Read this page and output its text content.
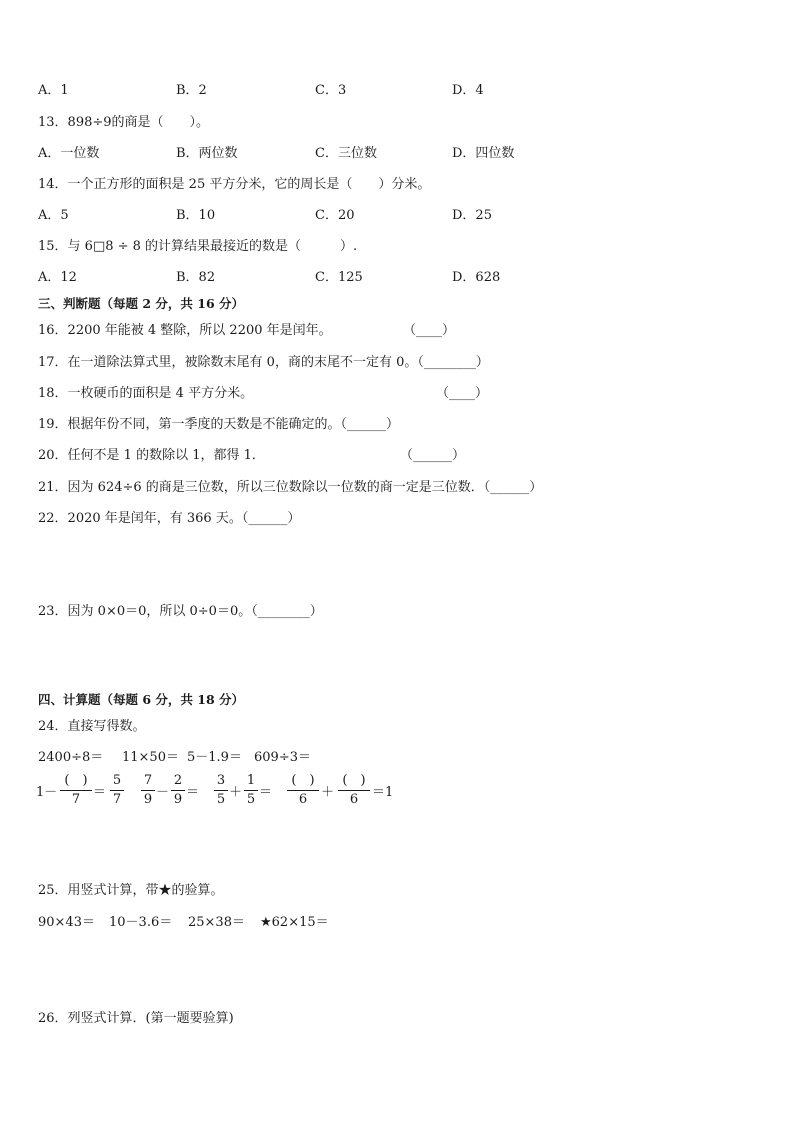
A．1	B．2	C．3	D．4
13．898÷9的商是（　　）。
A．一位数	B．两位数	C．三位数	D．四位数
14．一个正方形的面积是 25 平方分米，它的周长是（　　）分米。
A．5	B．10	C．20	D．25
15．与 6□8 ÷ 8 的计算结果最接近的数是（　　　）.
A．12	B．82	C．125	D．628
三、判断题（每题 2 分，共 16 分）
16．2200 年能被 4 整除，所以 2200 年是闰年。	（____）
17．在一道除法算式里，被除数末尾有 0，商的末尾不一定有 0。（________）
18．一枚硬币的面积是 4 平方分米。	（____）
19．根据年份不同，第一季度的天数是不能确定的。（______）
20．任何不是 1 的数除以 1，都得 1．	（______）
21．因为 624÷6 的商是三位数，所以三位数除以一位数的商一定是三位数．（______）
22．2020 年是闰年，有 366 天。（______）
23．因为 0×0＝0，所以 0÷0＝0。（________）
四、计算题（每题 6 分，共 18 分）
24．直接写得数。
2400÷8＝ 11×50＝ 5－1.9＝ 609÷3＝
1－
(　)
7 ＝
5
7
7
9 －
2
9 ＝
3
5 ＋
1
5 ＝
(　)
6	＋
(　)
6	＝1
25．用竖式计算，带★的验算。
90×43＝ 10－3.6＝ 25×38＝ ★62×15＝
26．列竖式计算．(第一题要验算)
